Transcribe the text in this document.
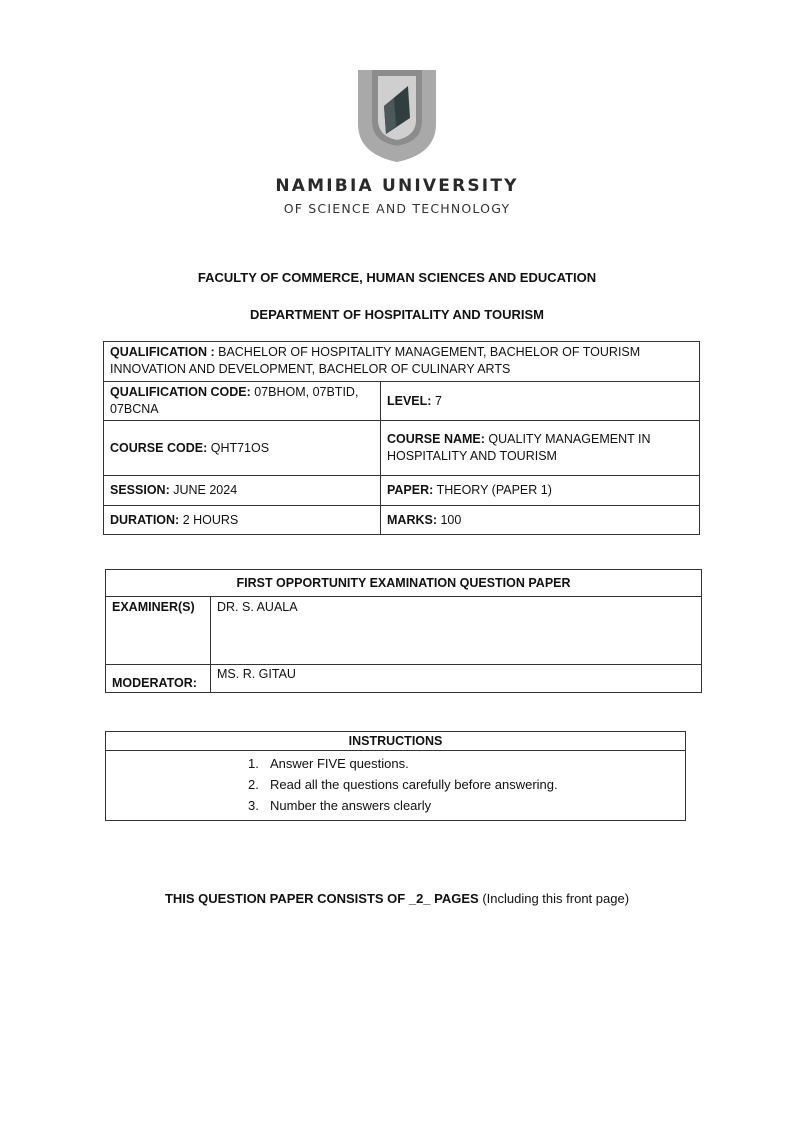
NAMIBIA UNIVERSITY
OF SCIENCE AND TECHNOLOGY
FACULTY OF COMMERCE, HUMAN SCIENCES AND EDUCATION
DEPARTMENT OF HOSPITALITY AND TOURISM
QUALIFICATION : BACHELOR OF HOSPITALITY MANAGEMENT, BACHELOR OF TOURISM INNOVATION AND DEVELOPMENT, BACHELOR OF CULINARY ARTS	
QUALIFICATION CODE: 07BHOM, 07BTID, 07BCNA	LEVEL: 7
COURSE CODE: QHT71OS	COURSE NAME: QUALITY MANAGEMENT IN HOSPITALITY AND TOURISM
SESSION: JUNE 2024	PAPER: THEORY (PAPER 1)
DURATION: 2 HOURS	MARKS: 100
FIRST OPPORTUNITY EXAMINATION QUESTION PAPER	
EXAMINER(S)	DR. S. AUALA
MODERATOR:	MS. R. GITAU
INSTRUCTIONS

1. Answer FIVE questions.
2. Read all the questions carefully before answering.
3. Number the answers clearly
THIS QUESTION PAPER CONSISTS OF _2_ PAGES (Including this front page)
